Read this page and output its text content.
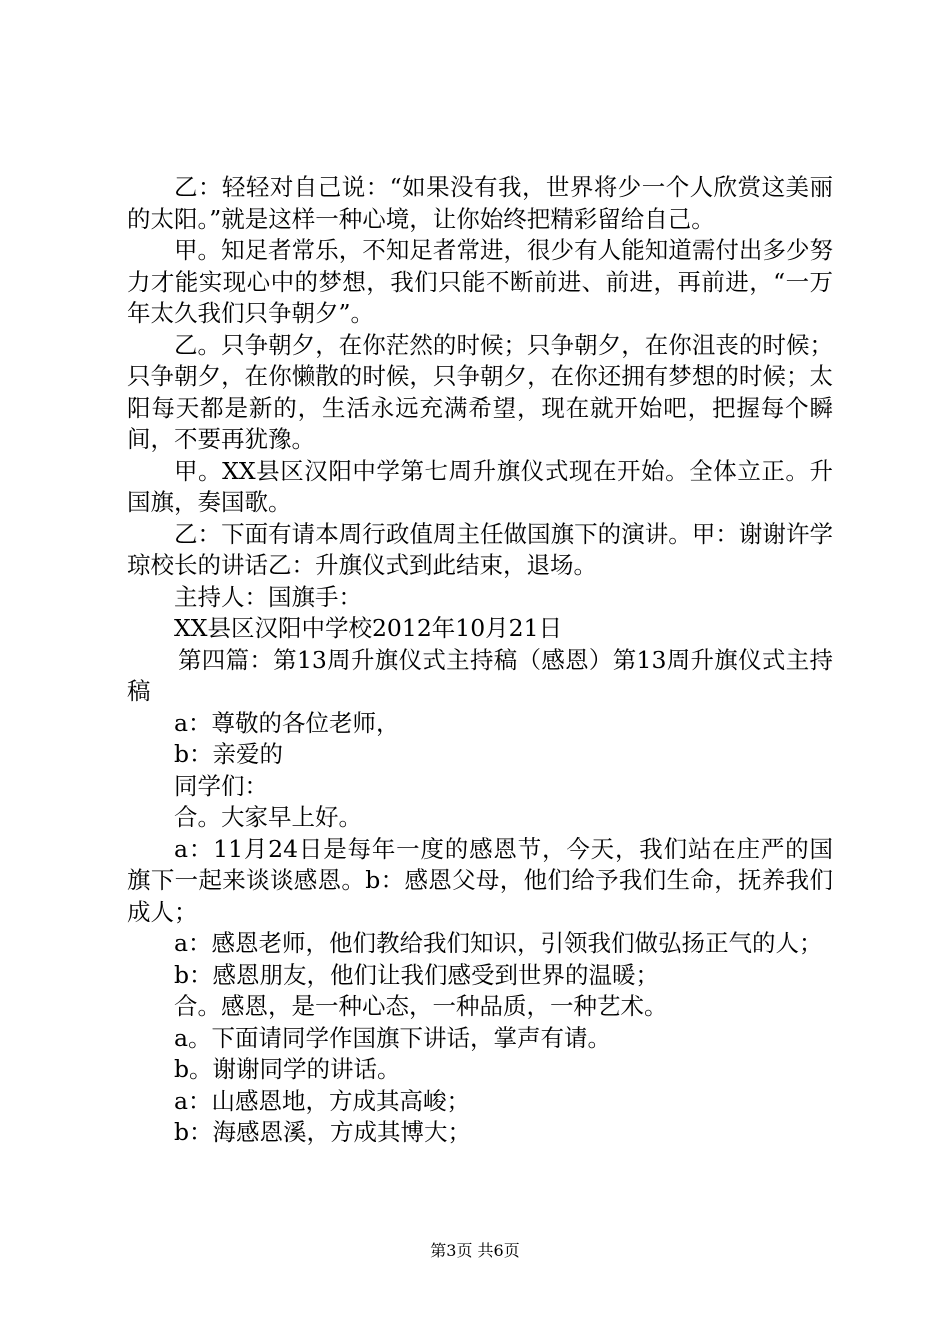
乙：轻轻对自己说：“如果没有我，世界将少一个人欣赏这美丽的太阳。”就是这样一种心境，让你始终把精彩留给自己。

甲。知足者常乐，不知足者常进，很少有人能知道需付出多少努力才能实现心中的梦想，我们只能不断前进、前进，再前进，“一万年太久我们只争朝夕”。

乙。只争朝夕，在你茫然的时候；只争朝夕，在你沮丧的时候；只争朝夕，在你懒散的时候，只争朝夕，在你还拥有梦想的时候；太阳每天都是新的，生活永远充满希望，现在就开始吧，把握每个瞬间，不要再犹豫。

甲。XX县区汉阳中学第七周升旗仪式现在开始。全体立正。升国旗，奏国歌。

乙：下面有请本周行政值周主任做国旗下的演讲。甲：谢谢许学琼校长的讲话乙：升旗仪式到此结束，退场。

主持人：国旗手：

XX县区汉阳中学校2012年10月21日

第四篇：第13周升旗仪式主持稿（感恩）第13周升旗仪式主持稿

a：尊敬的各位老师，

b：亲爱的

同学们：

合。大家早上好。

a：11月24日是每年一度的感恩节，今天，我们站在庄严的国旗下一起来谈谈感恩。b：感恩父母，他们给予我们生命，抚养我们成人；

a：感恩老师，他们教给我们知识，引领我们做弘扬正气的人；

b：感恩朋友，他们让我们感受到世界的温暖；

合。感恩，是一种心态，一种品质，一种艺术。

a。下面请同学作国旗下讲话，掌声有请。

b。谢谢同学的讲话。

a：山感恩地，方成其高峻；

b：海感恩溪，方成其博大；

第3页 共6页
